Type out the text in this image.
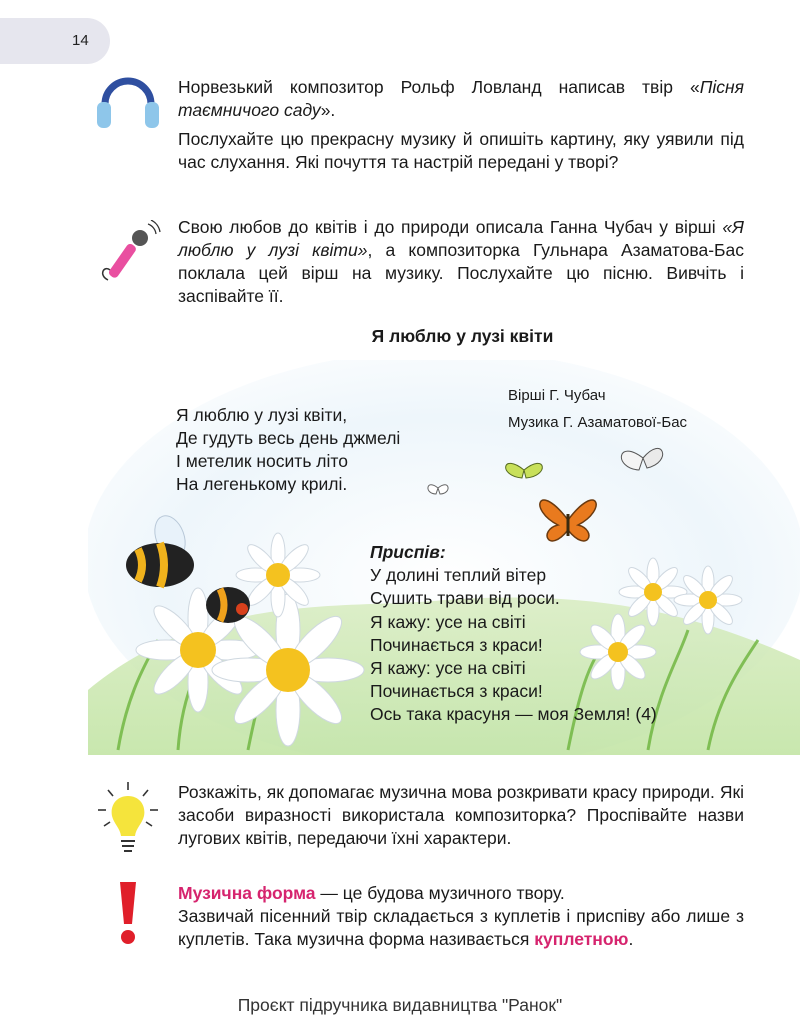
14

Норвезький композитор Рольф Ловланд написав твір «Пісня таємничого саду».

Послухайте цю прекрасну музику й опишіть картину, яку уявили під час слухання. Які почуття та настрій передані у творі?

Свою любов до квітів і до природи описала Ганна Чубач у вірші «Я люблю у лузі квіти», а композиторка Гульнара Азаматова-Бас поклала цей вірш на музику. Послухайте цю пісню. Вивчіть і заспівайте її.

Я люблю у лузі квіти
Вірші Г. Чубач
Музика Г. Азаматової-Бас
Я люблю у лузі квіти,
Де гудуть весь день джмелі
І метелик носить літо
На легенькому крилі.
Приспів:
У долині теплий вітер
Сушить трави від роси.
Я кажу: усе на світі
Починається з краси!
Я кажу: усе на світі
Починається з краси!
Ось така красуня — моя Земля! (4)
Розкажіть, як допомагає музична мова розкривати красу природи. Які засоби виразності використала композиторка? Проспівайте назви лугових квітів, передаючи їхні характери.

Музична форма — це будова музичного твору.

Зазвичай пісенний твір складається з куплетів і приспіву або лише з куплетів. Така музична форма називається куплетною.

Проєкт підручника видавництва "Ранок"
